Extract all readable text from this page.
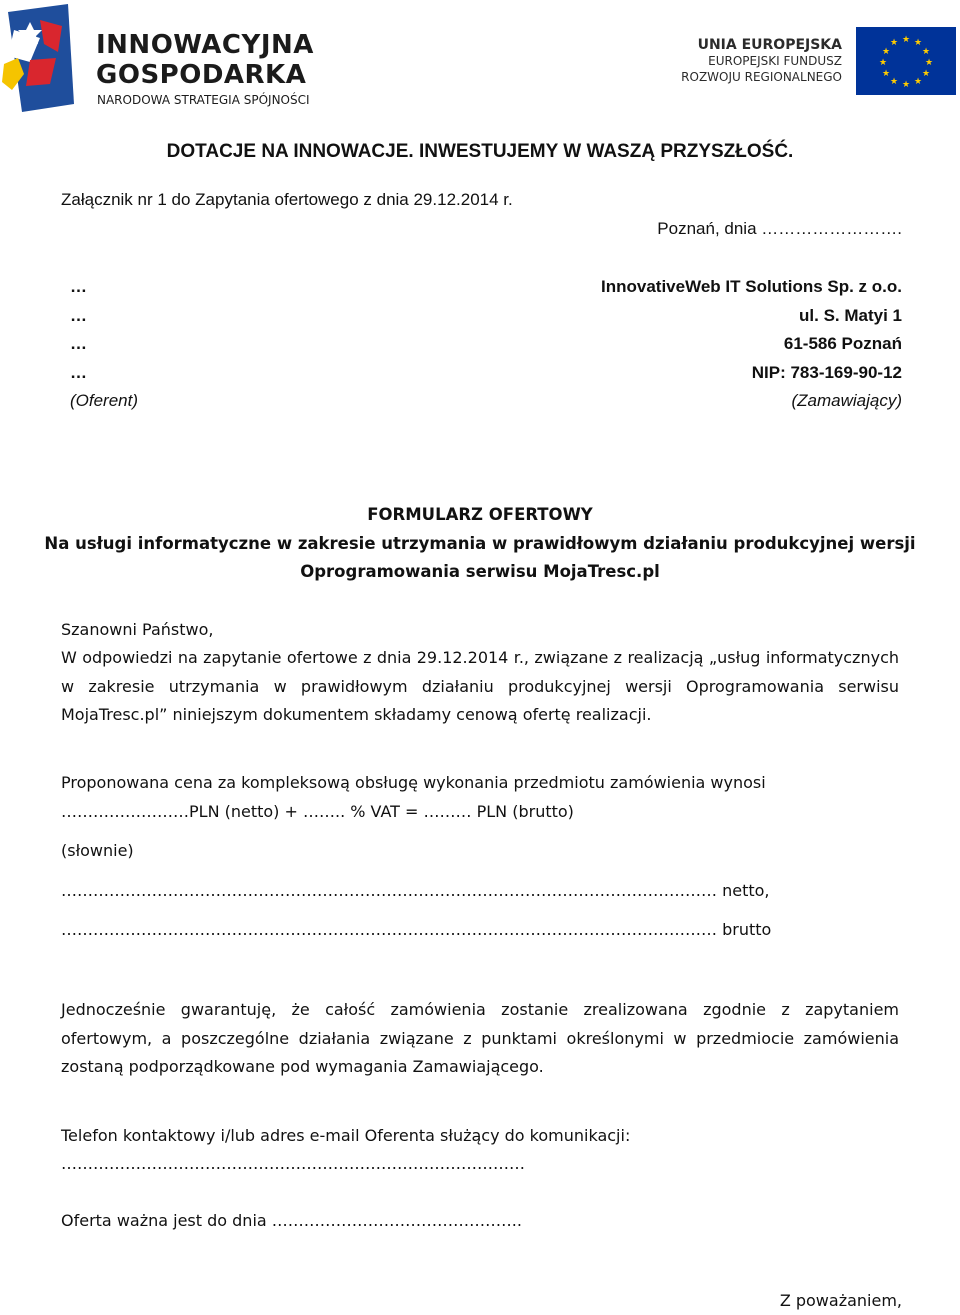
INNOWACYJNA
GOSPODARKA
NARODOWA STRATEGIA SPÓJNOŚCI
UNIA EUROPEJSKA
EUROPEJSKI FUNDUSZ
ROZWOJU REGIONALNEGO
★ ★
★
★
★
★
★
★
★
★
★
★
DOTACJE NA INNOWACJE. INWESTUJEMY W WASZĄ PRZYSZŁOŚĆ.
Załącznik nr 1 do Zapytania ofertowego z dnia 29.12.2014 r.
Poznań, dnia …………………….
…
…
…
…
(Oferent)
InnovativeWeb IT Solutions Sp. z o.o.
ul. S. Matyi 1
61-586 Poznań
NIP: 783-169-90-12
(Zamawiający)
FORMULARZ OFERTOWY
Na usługi informatyczne w zakresie utrzymania w prawidłowym działaniu produkcyjnej wersji
Oprogramowania serwisu MojaTresc.pl
Szanowni Państwo,
W odpowiedzi na zapytanie ofertowe z dnia 29.12.2014 r., związane z realizacją „usług informatycznych w zakresie utrzymania w prawidłowym działaniu produkcyjnej wersji Oprogramowania serwisu MojaTresc.pl” niniejszym dokumentem składamy cenową ofertę realizacji.
Proponowana cena za kompleksową obsługę wykonania przedmiotu zamówienia wynosi
……………………PLN (netto) + …….. % VAT = ……… PLN (brutto)
(słownie)
…………………………………………………………………………………………………………… netto,
…………………………………………………………………………………………………………… brutto
Jednocześnie gwarantuję, że całość zamówienia zostanie zrealizowana zgodnie z zapytaniem ofertowym, a poszczególne działania związane z punktami określonymi w przedmiocie zamówienia zostaną podporządkowane pod wymagania Zamawiającego.
Telefon kontaktowy i/lub adres e-mail Oferenta służący do komunikacji:
……………………………………………………………………………
Oferta ważna jest do dnia ………………………………………..
Z poważaniem,
